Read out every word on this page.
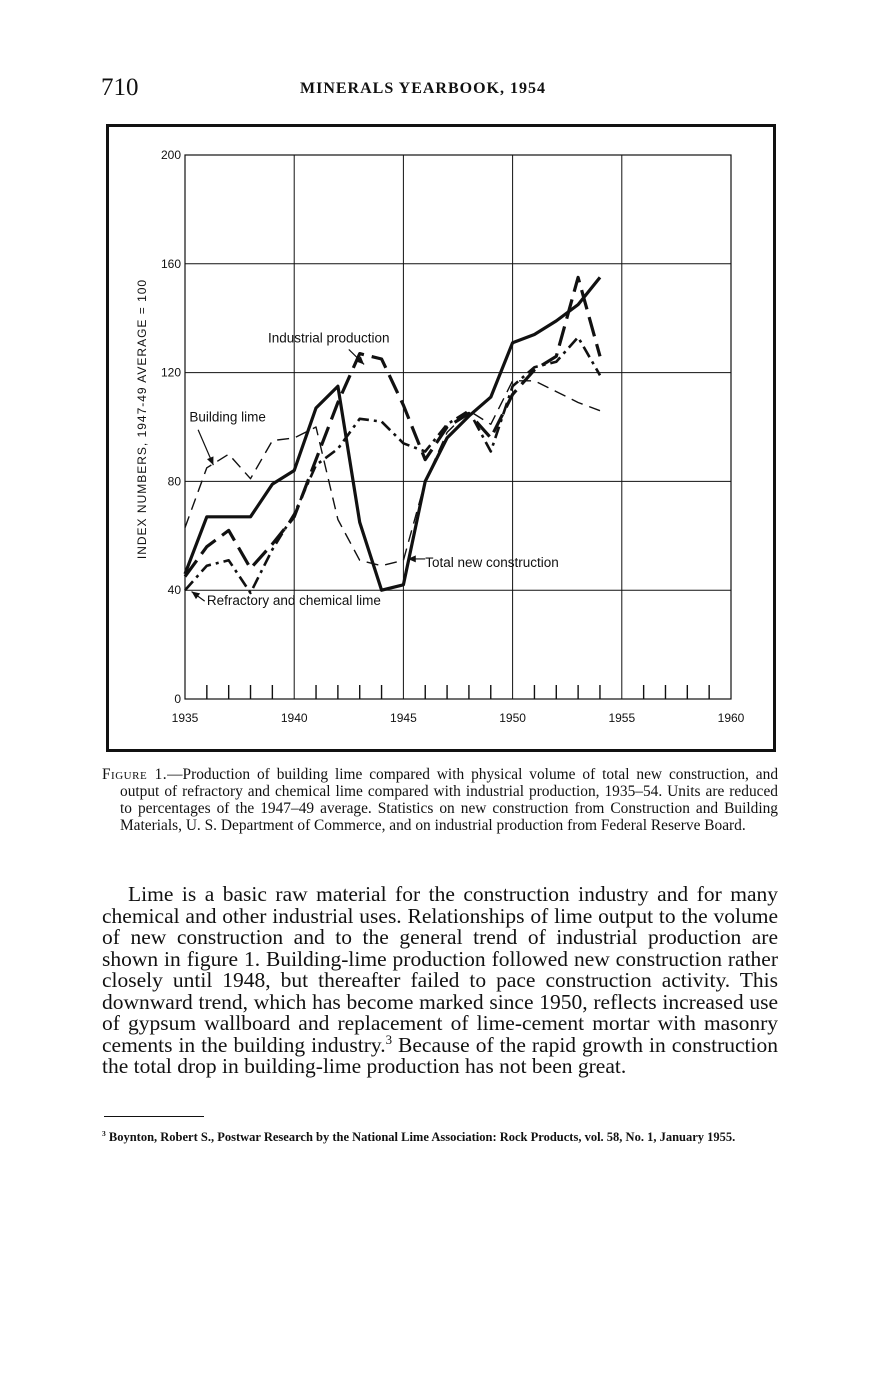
710	MINERALS YEARBOOK, 1954
1935	1940	1945	1950	1955	1960
0
40
80
120
160
200
INDEX NUMBERS, 1947-49 AVERAGE = 100	Industrial production
Building lime
Total new construction
Refractory and chemical lime

Figure 1.—Production of building lime compared with physical volume of total new construction, and output of refractory and chemical lime compared with industrial production, 1935–54. Units are reduced to percentages of the 1947–49 average. Statistics on new construction from Construction and Building Materials, U. S. Department of Commerce, and on industrial production from Federal Reserve Board.

Lime is a basic raw material for the construction industry and for many chemical and other industrial uses. Relationships of lime output to the volume of new construction and to the general trend of industrial production are shown in figure 1. Building-lime production followed new construction rather closely until 1948, but thereafter failed to pace construction activity. This downward trend, which has become marked since 1950, reflects increased use of gypsum wallboard and replacement of lime-cement mortar with masonry cements in the building industry.$^3$ Because of the rapid growth in construction the total drop in building-lime production has not been great.

$^3$ Boynton, Robert S., Postwar Research by the National Lime Association: Rock Products, vol. 58, No. 1, January 1955.
